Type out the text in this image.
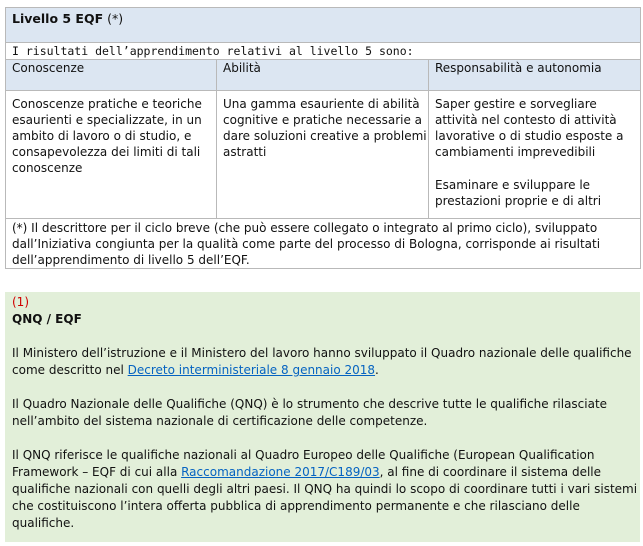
Livello 5 EQF (*)		
I risultati dell’apprendimento relativi al livello 5 sono:		
Conoscenze	Abilità	Responsabilità e autonomia
Conoscenze pratiche e teoriche esaurienti e specializzate, in un ambito di lavoro o di studio, e consapevolezza dei limiti di tali conoscenze	Una gamma esauriente di abilità cognitive e pratiche necessarie a dare soluzioni creative a problemi astratti	Saper gestire e sorvegliare attività nel contesto di attività lavorative o di studio esposte a cambiamenti imprevedibili
Esaminare e sviluppare le prestazioni proprie e di altri

(*) Il descrittore per il ciclo breve (che può essere collegato o integrato al primo ciclo), sviluppato dall’Iniziativa congiunta per la qualità come parte del processo di Bologna, corrisponde ai risultati dell’apprendimento di livello 5 dell’EQF.		
(1)
QNQ / EQF

Il Ministero dell’istruzione e il Ministero del lavoro hanno sviluppato il Quadro nazionale delle qualifiche come descritto nel Decreto interministeriale 8 gennaio 2018.

Il Quadro Nazionale delle Qualifiche (QNQ) è lo strumento che descrive tutte le qualifiche rilasciate nell’ambito del sistema nazionale di certificazione delle competenze.

Il QNQ riferisce le qualifiche nazionali al Quadro Europeo delle Qualifiche (European Qualification Framework – EQF di cui alla Raccomandazione 2017/C189/03, al fine di coordinare il sistema delle qualifiche nazionali con quelli degli altri paesi. Il QNQ ha quindi lo scopo di coordinare tutti i vari sistemi che costituiscono l’intera offerta pubblica di apprendimento permanente e che rilasciano delle qualifiche.
